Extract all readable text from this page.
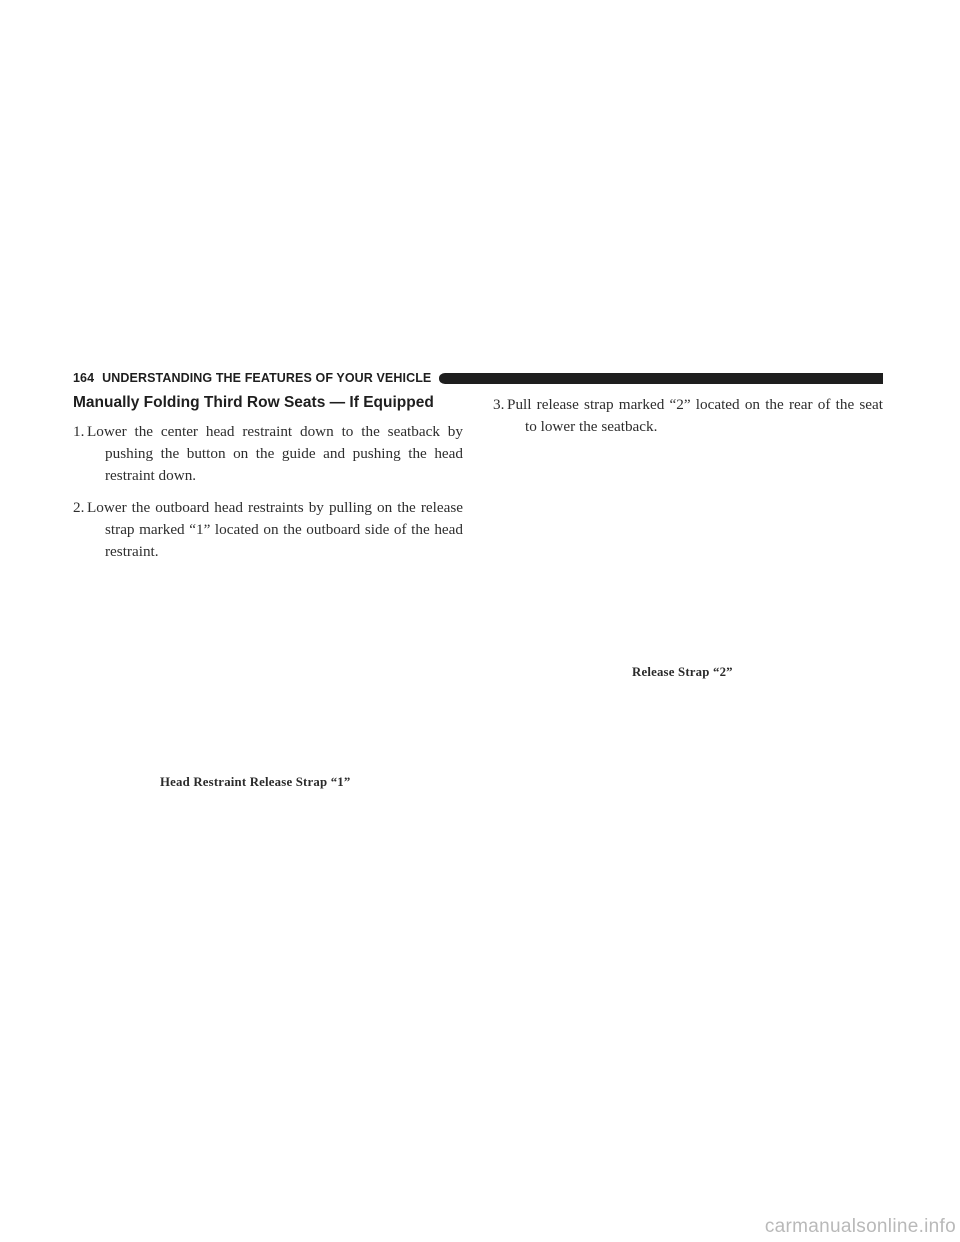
164 UNDERSTANDING THE FEATURES OF YOUR VEHICLE
Manually Folding Third Row Seats — If Equipped
1. Lower the center head restraint down to the seatback by pushing the button on the guide and pushing the head restraint down.
2. Lower the outboard head restraints by pulling on the release strap marked “1” located on the outboard side of the head restraint.
3. Pull release strap marked “2” located on the rear of the seat to lower the seatback.

Head Restraint Release Strap “1”

Release Strap “2”

carmanualsonline.info
